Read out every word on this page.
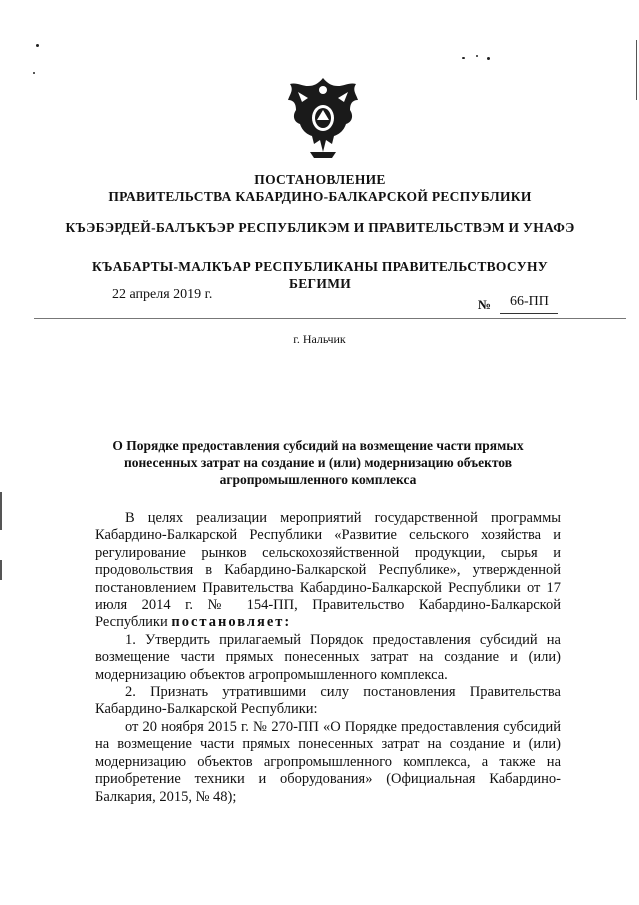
ПОСТАНОВЛЕНИЕ
ПРАВИТЕЛЬСТВА КАБАРДИНО-БАЛКАРСКОЙ РЕСПУБЛИКИ
КЪЭБЭРДЕЙ-БАЛЪКЪЭР РЕСПУБЛИКЭМ И ПРАВИТЕЛЬСТВЭМ И УНАФЭ
КЪАБАРТЫ-МАЛКЪАР РЕСПУБЛИКАНЫ ПРАВИТЕЛЬСТВОСУНУ БЕГИМИ
22 апреля 2019 г.
№ 66-ПП
г. Нальчик
О Порядке предоставления субсидий на возмещение части прямых понесенных затрат на создание и (или) модернизацию объектов агропромышленного комплекса

В целях реализации мероприятий государственной программы Кабардино-Балкарской Республики «Развитие сельского хозяйства и регулирование рынков сельскохозяйственной продукции, сырья и продовольствия в Кабардино-Балкарской Республике», утвержденной постановлением Правительства Кабардино-Балкарской Республики от 17 июля 2014 г. № 154-ПП, Правительство Кабардино-Балкарской Республики постановляет:

1. Утвердить прилагаемый Порядок предоставления субсидий на возмещение части прямых понесенных затрат на создание и (или) модернизацию объектов агропромышленного комплекса.

2. Признать утратившими силу постановления Правительства Кабардино-Балкарской Республики:

от 20 ноября 2015 г. № 270-ПП «О Порядке предоставления субсидий на возмещение части прямых понесенных затрат на создание и (или) модернизацию объектов агропромышленного комплекса, а также на приобретение техники и оборудования» (Официальная Кабардино-Балкария, 2015, № 48);
